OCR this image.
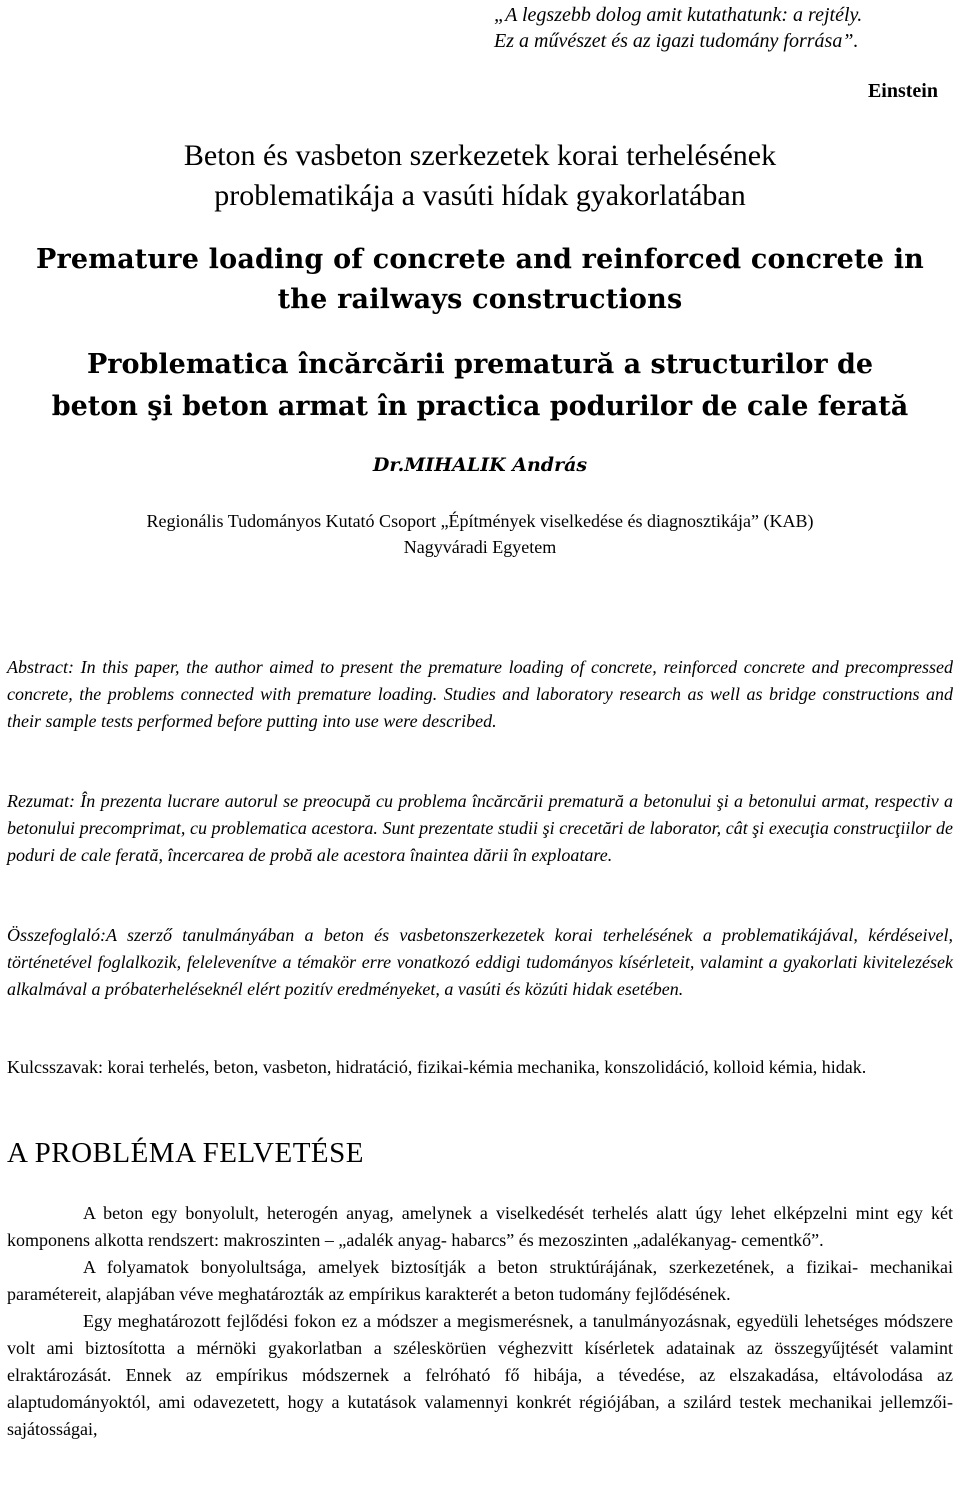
„A legszebb dolog amit kutathatunk: a rejtély.
Ez a művészet és az igazi tudomány forrása”.
Einstein
Beton és vasbeton szerkezetek korai terhelésének problematikája a vasúti hídak gyakorlatában
Premature loading of concrete and reinforced concrete in the railways constructions
Problematica încărcării prematură a structurilor de beton şi beton armat în practica podurilor de cale ferată
Dr.MIHALIK András
Regionális Tudományos Kutató Csoport „Építmények viselkedése és diagnosztikája” (KAB)
Nagyváradi Egyetem
Abstract: In this paper, the author aimed to present the premature loading of concrete, reinforced concrete and precompressed concrete, the problems connected with premature loading. Studies and laboratory research as well as bridge constructions and their sample tests performed before putting into use were described.
Rezumat: În prezenta lucrare autorul se preocupă cu problema încărcării prematură a betonului şi a betonului armat, respectiv a betonului precomprimat, cu problematica acestora. Sunt prezentate studii şi crecetări de laborator, cât şi execuţia construcţiilor de poduri de cale ferată, încercarea de probă ale acestora înaintea dării în exploatare.
Összefoglaló:A szerző tanulmányában a beton és vasbetonszerkezetek korai terhelésének a problematikájával, kérdéseivel, történetével foglalkozik, felelevenítve a témakör erre vonatkozó eddigi tudományos kísérleteit, valamint a gyakorlati kivitelezések alkalmával a próbaterheléseknél elért pozitív eredményeket, a vasúti és közúti hidak esetében.
Kulcsszavak: korai terhelés, beton, vasbeton, hidratáció, fizikai-kémia mechanika, konszolidáció, kolloid kémia, hidak.
A PROBLÉMA FELVETÉSE

A beton egy bonyolult, heterogén anyag, amelynek a viselkedését terhelés alatt úgy lehet elképzelni mint egy két komponens alkotta rendszert: makroszinten – „adalék anyag- habarcs” és mezoszinten „adalékanyag- cementkő”.

A folyamatok bonyolultsága, amelyek biztosítják a beton struktúrájának, szerkezetének, a fizikai- mechanikai paramétereit, alapjában véve meghatározták az empírikus karakterét a beton tudomány fejlődésének.

Egy meghatározott fejlődési fokon ez a módszer a megismerésnek, a tanulmányozásnak, egyedüli lehetséges módszere volt ami biztosította a mérnöki gyakorlatban a széleskörüen véghezvitt kísérletek adatainak az összegyűjtését valamint elraktározását. Ennek az empírikus módszernek a felróható fő hibája, a tévedése, az elszakadása, eltávolodása az alaptudományoktól, ami odavezetett, hogy a kutatások valamennyi konkrét régiójában, a szilárd testek mechanikai jellemzői- sajátosságai,
